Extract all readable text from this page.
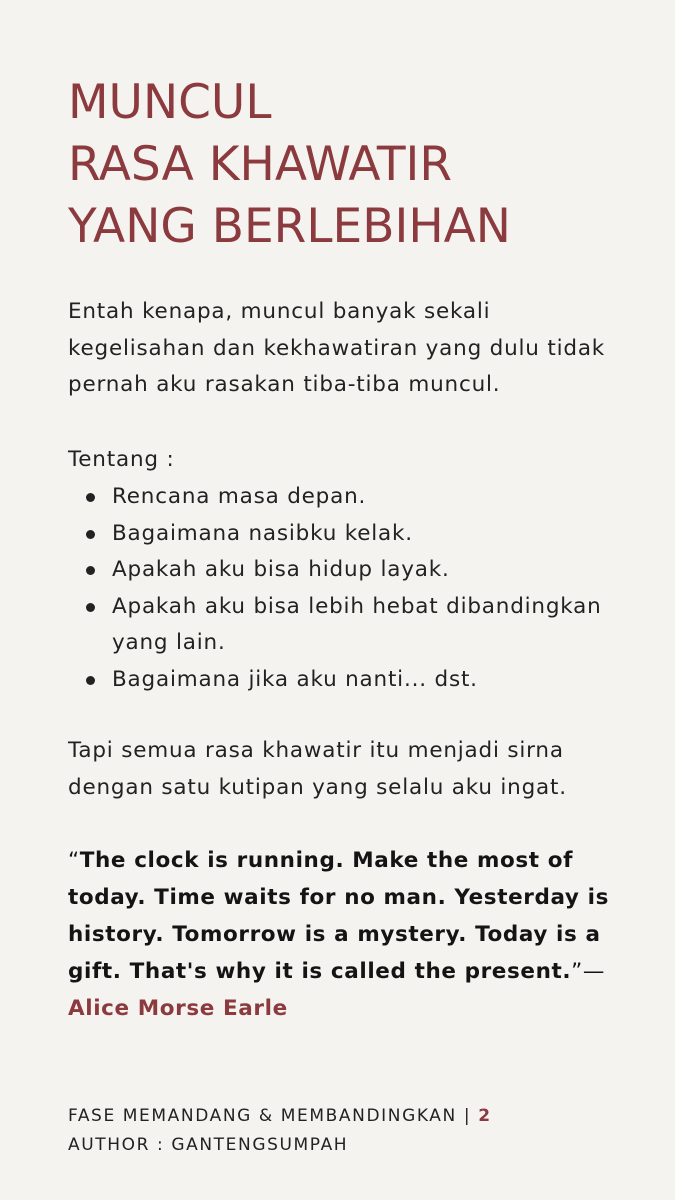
MUNCUL
RASA KHAWATIR
YANG BERLEBIHAN

Entah kenapa, muncul banyak sekali kegelisahan dan kekhawatiran yang dulu tidak pernah aku rasakan tiba-tiba muncul.

Tentang :
Rencana masa depan.
Bagaimana nasibku kelak.
Apakah aku bisa hidup layak.
Apakah aku bisa lebih hebat dibandingkan yang lain.
Bagaimana jika aku nanti... dst.

Tapi semua rasa khawatir itu menjadi sirna dengan satu kutipan yang selalu aku ingat.

“The clock is running. Make the most of today. Time waits for no man. Yesterday is history. Tomorrow is a mystery. Today is a gift. That's why it is called the present.”— Alice Morse Earle

FASE MEMANDANG & MEMBANDINGKAN | 2
AUTHOR : GANTENGSUMPAH
